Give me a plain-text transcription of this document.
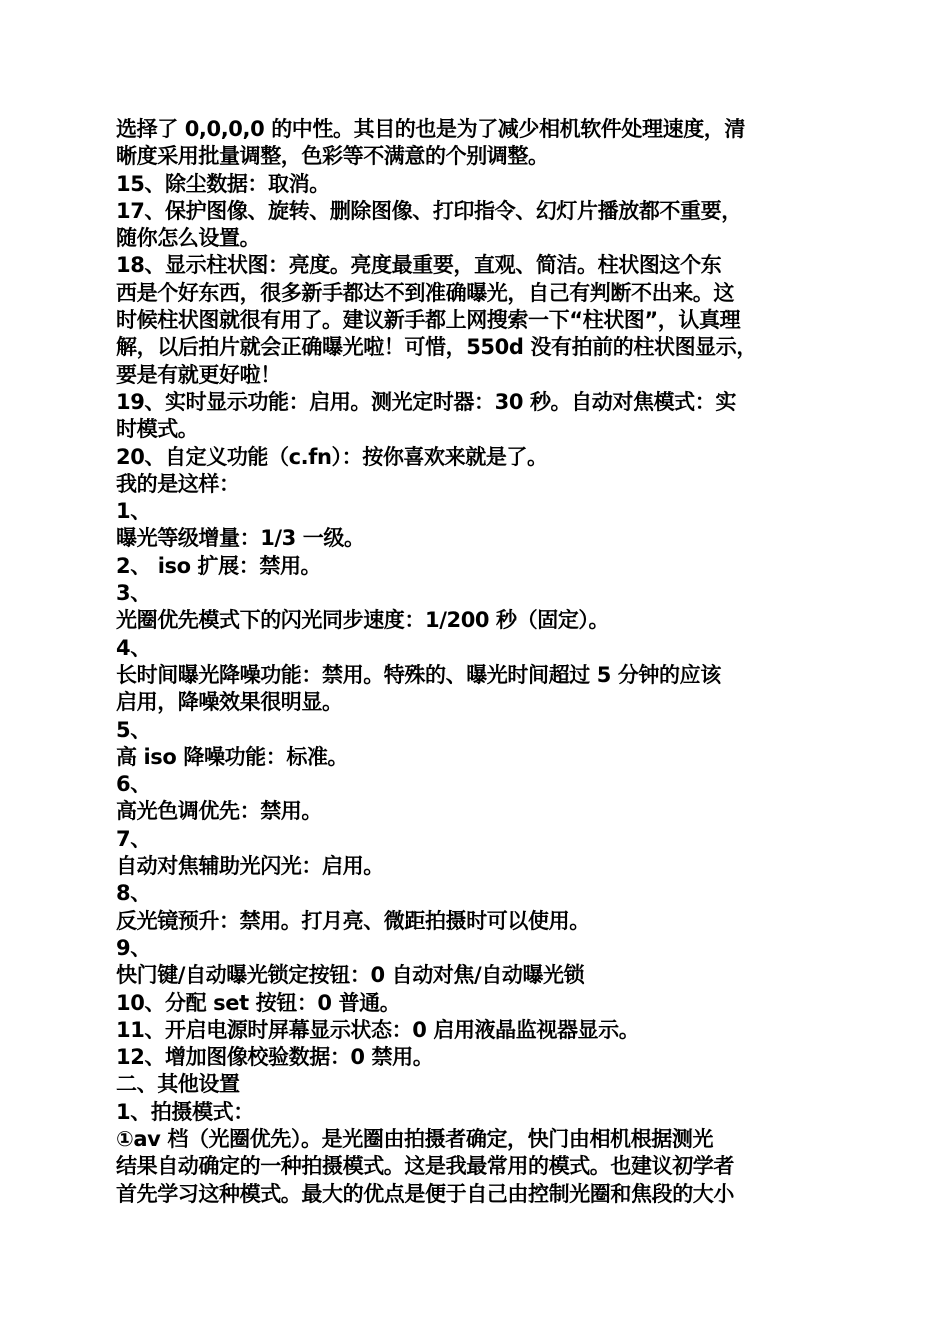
选择了 0,0,0,0 的中性。其目的也是为了减少相机软件处理速度，清
晰度采用批量调整，色彩等不满意的个别调整。
15、除尘数据：取消。
17、保护图像、旋转、删除图像、打印指令、幻灯片播放都不重要，
随你怎么设置。
18、显示柱状图：亮度。亮度最重要，直观、简洁。柱状图这个东
西是个好东西，很多新手都达不到准确曝光，自己有判断不出来。这
时候柱状图就很有用了。建议新手都上网搜索一下“柱状图”，认真理
解，以后拍片就会正确曝光啦！可惜，550d 没有拍前的柱状图显示，
要是有就更好啦！
19、实时显示功能：启用。测光定时器：30 秒。自动对焦模式：实
时模式。
20、自定义功能（c.fn）：按你喜欢来就是了。
我的是这样：
1、
曝光等级增量：1/3 一级。
2、 iso 扩展：禁用。
3、
光圈优先模式下的闪光同步速度：1/200 秒（固定）。
4、
长时间曝光降噪功能：禁用。特殊的、曝光时间超过 5 分钟的应该
启用，降噪效果很明显。
5、
高 iso 降噪功能：标准。
6、
高光色调优先：禁用。
7、
自动对焦辅助光闪光：启用。
8、
反光镜预升：禁用。打月亮、微距拍摄时可以使用。
9、
快门键/自动曝光锁定按钮：0 自动对焦/自动曝光锁
10、分配 set 按钮：0 普通。
11、开启电源时屏幕显示状态：0 启用液晶监视器显示。
12、增加图像校验数据：0 禁用。
二、其他设置
1、拍摄模式：
①av 档（光圈优先）。是光圈由拍摄者确定，快门由相机根据测光
结果自动确定的一种拍摄模式。这是我最常用的模式。也建议初学者
首先学习这种模式。最大的优点是便于自己由控制光圈和焦段的大小
